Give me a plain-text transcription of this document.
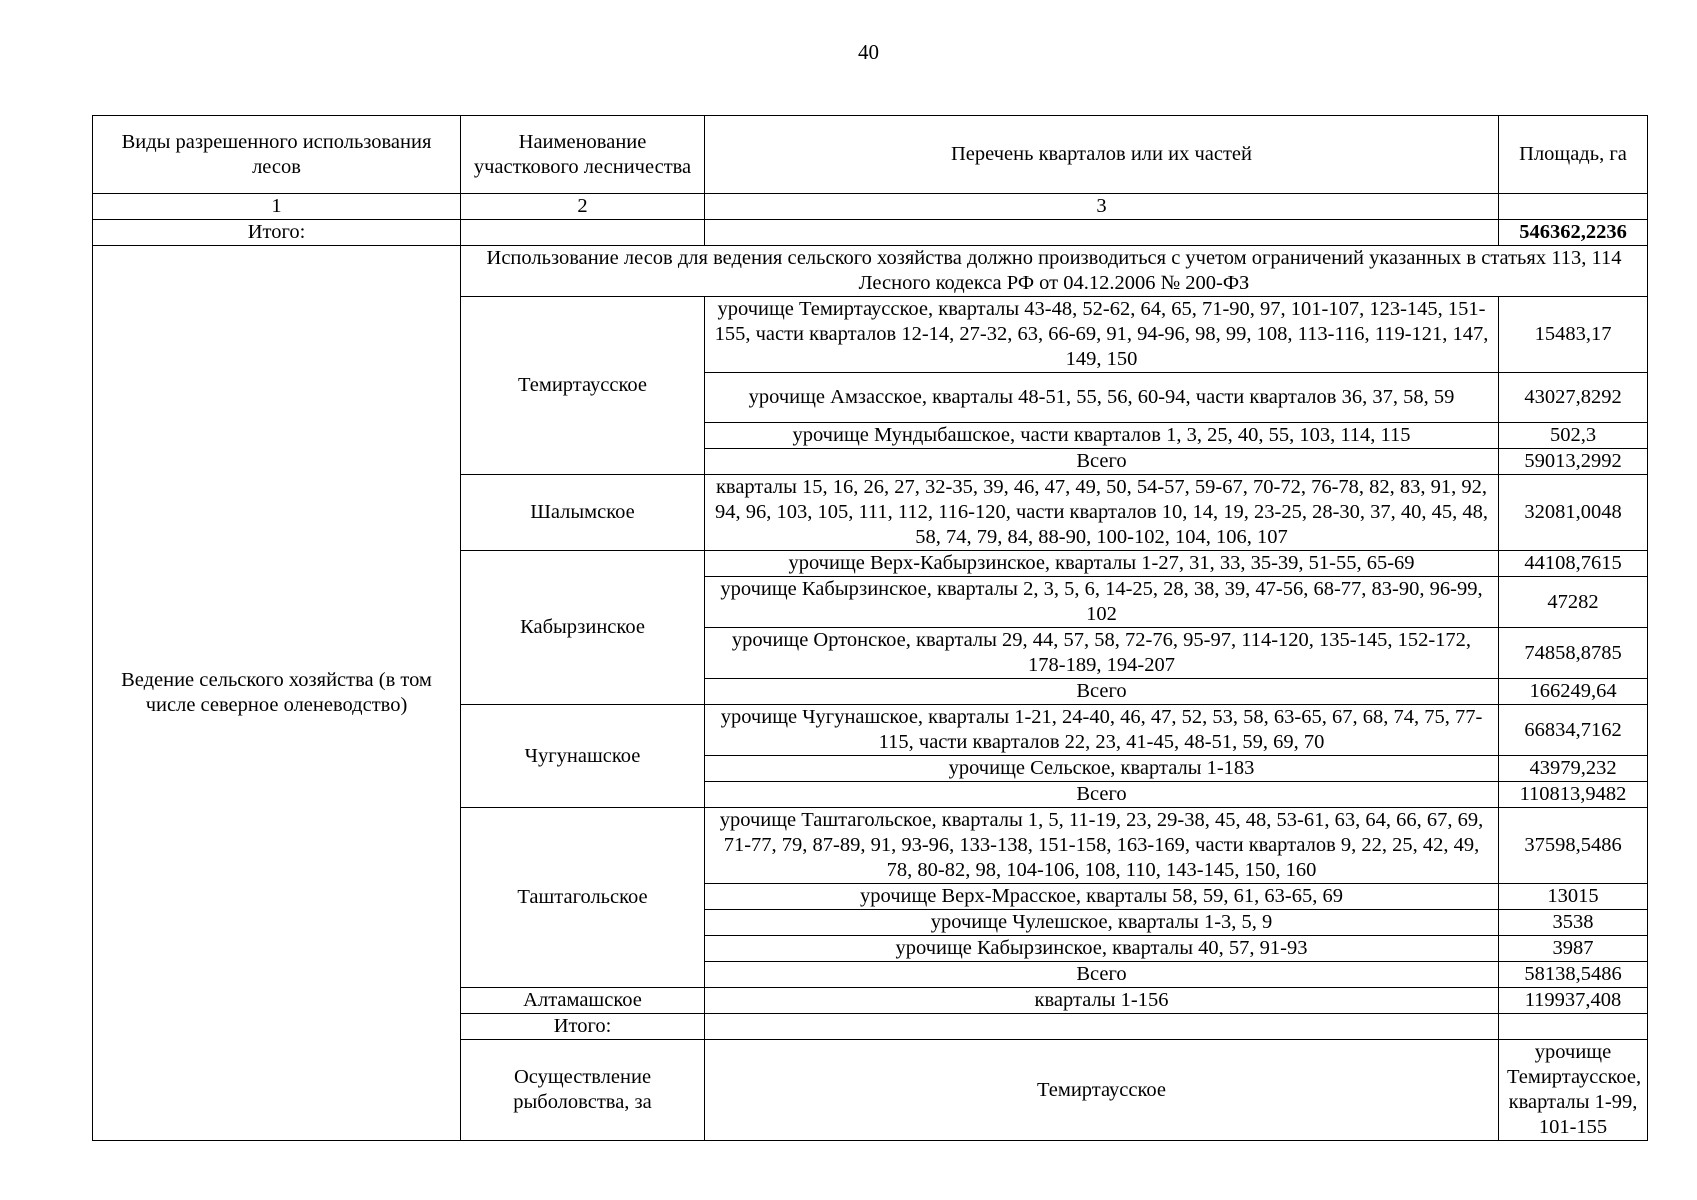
40
Виды разрешенного использования лесов	Наименование участкового лесничества	Перечень кварталов или их частей	Площадь, га	
1	2	3		
Итого:			546362,2236	
Ведение сельского хозяйства (в том числе северное оленеводство)	Использование лесов для ведения сельского хозяйства должно производиться с учетом ограничений указанных в статьях 113, 114 Лесного кодекса РФ от 04.12.2006 № 200-ФЗ			
	Темиртаусское	урочище Темиртаусское, кварталы 43-48, 52-62, 64, 65, 71-90, 97, 101-107, 123-145, 151-155, части кварталов 12-14, 27-32, 63, 66-69, 91, 94-96, 98, 99, 108, 113-116, 119-121, 147, 149, 150	15483,17	
		урочище Амзасское, кварталы 48-51, 55, 56, 60-94, части кварталов 36, 37, 58, 59	43027,8292	
		урочище Мундыбашское, части кварталов 1, 3, 25, 40, 55, 103, 114, 115	502,3	
		Всего	59013,2992	
	Шалымское	кварталы 15, 16, 26, 27, 32-35, 39, 46, 47, 49, 50, 54-57, 59-67, 70-72, 76-78, 82, 83, 91, 92, 94, 96, 103, 105, 111, 112, 116-120, части кварталов 10, 14, 19, 23-25, 28-30, 37, 40, 45, 48, 58, 74, 79, 84, 88-90, 100-102, 104, 106, 107	32081,0048	
	Кабырзинское	урочище Верх-Кабырзинское, кварталы 1-27, 31, 33, 35-39, 51-55, 65-69	44108,7615	
		урочище Кабырзинское, кварталы 2, 3, 5, 6, 14-25, 28, 38, 39, 47-56, 68-77, 83-90, 96-99, 102	47282	
		урочище Ортонское, кварталы 29, 44, 57, 58, 72-76, 95-97, 114-120, 135-145, 152-172, 178-189, 194-207	74858,8785	
		Всего	166249,64	
	Чугунашское	урочище Чугунашское, кварталы 1-21, 24-40, 46, 47, 52, 53, 58, 63-65, 67, 68, 74, 75, 77-115, части кварталов 22, 23, 41-45, 48-51, 59, 69, 70	66834,7162	
		урочище Сельское, кварталы 1-183	43979,232	
		Всего	110813,9482	
	Таштагольское	урочище Таштагольское, кварталы 1, 5, 11-19, 23, 29-38, 45, 48, 53-61, 63, 64, 66, 67, 69, 71-77, 79, 87-89, 91, 93-96, 133-138, 151-158, 163-169, части кварталов 9, 22, 25, 42, 49, 78, 80-82, 98, 104-106, 108, 110, 143-145, 150, 160	37598,5486	
		урочище Верх-Мрасское, кварталы 58, 59, 61, 63-65, 69	13015	
		урочище Чулешское, кварталы 1-3, 5, 9	3538	
		урочище Кабырзинское, кварталы 40, 57, 91-93	3987	
		Всего	58138,5486	
	Алтамашское	кварталы 1-156	119937,408	
	Итого:			
	Осуществление рыболовства, за	Темиртаусское	урочище Темиртаусское, кварталы 1-99, 101-155	
